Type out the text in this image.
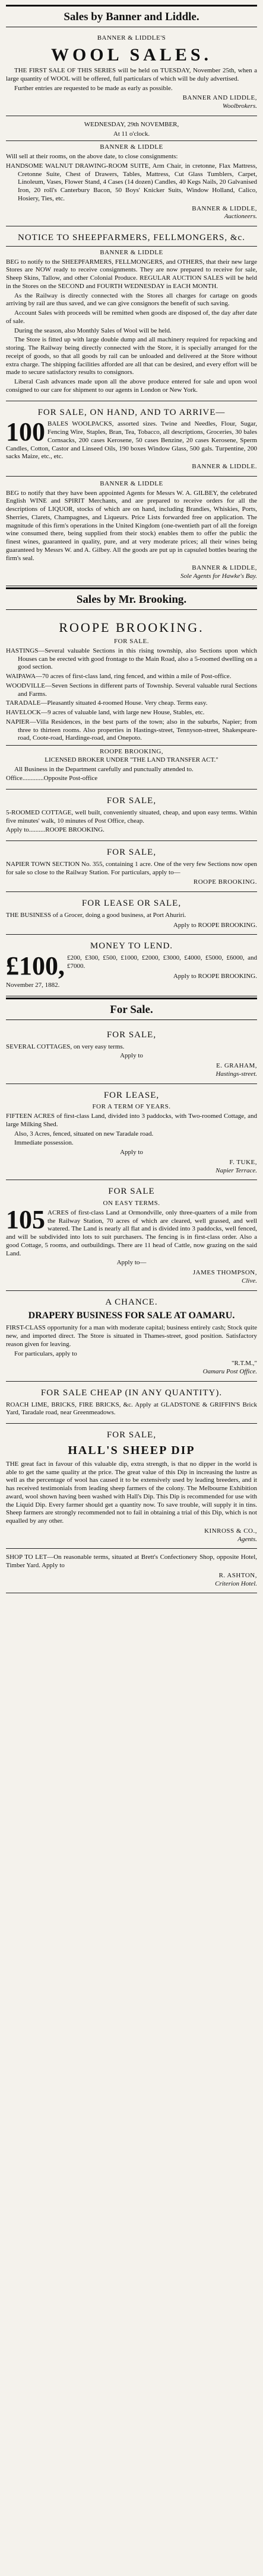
Sales by Banner and Liddle.
BANNER & LIDDLE'S
WOOL SALES.
THE FIRST SALE OF THIS SERIES will be held on TUESDAY, November 25th, when a large quantity of WOOL will be offered, full particulars of which will be duly advertised.
Further entries are requested to be made as early as possible.
BANNER AND LIDDLE,
Woolbrokers.
WEDNESDAY, 29th NOVEMBER,
At 11 o'clock.
BANNER & LIDDLE
Will sell at their rooms, on the above date, to close consignments:
HANDSOME WALNUT DRAWING-ROOM SUITE, Arm Chair, in cretonne, Flax Mattress, Cretonne Suite, Chest of Drawers, Tables, Mattress, Cut Glass Tumblers, Carpet, Linoleum, Vases, Flower Stand, 4 Cases (14 dozen) Candles, 40 Kegs Nails, 20 Galvanised Iron, 20 roll's Canterbury Bacon, 50 Boys' Knicker Suits, Window Holland, Calico, Hosiery, Ties, etc.
BANNER & LIDDLE,
Auctioneers.
NOTICE TO SHEEPFARMERS, FELLMONGERS, &c.
BANNER & LIDDLE
BEG to notify to the SHEEPFARMERS, FELLMONGERS, and OTHERS, that their new large Stores are NOW ready to receive consignments. They are now prepared to receive for sale, Sheep Skins, Tallow, and other Colonial Produce. REGULAR AUCTION SALES will be held in the Stores on the SECOND and FOURTH WEDNESDAY in EACH MONTH.
As the Railway is directly connected with the Stores all charges for cartage on goods arriving by rail are thus saved, and we can give consignors the benefit of such saving.
Account Sales with proceeds will be remitted when goods are disposed of, the day after date of sale.
During the season, also Monthly Sales of Wool will be held.
The Store is fitted up with large double dump and all machinery required for repacking and storing. The Railway being directly connected with the Store, it is specially arranged for the receipt of goods, so that all goods by rail can be unloaded and delivered at the Store without extra charge. The shipping facilities afforded are all that can be desired, and every effort will be made to secure satisfactory results to consignors.
Liberal Cash advances made upon all the above produce entered for sale and upon wool consigned to our care for shipment to our agents in London or New York.
FOR SALE, ON HAND, AND TO ARRIVE—
100 BALES WOOLPACKS, assorted sizes. Twine and Needles, Flour, Sugar, Fencing Wire, Staples, Bran, Tea, Tobacco, all descriptions, Groceries, 30 bales Cornsacks, 200 cases Kerosene, 50 cases Benzine, 20 cases Kerosene, Sperm Candles, Cotton, Castor and Linseed Oils, 190 boxes Window Glass, 500 gals. Turpentine, 200 sacks Maize, etc., etc.
BANNER & LIDDLE.
BANNER & LIDDLE
BEG to notify that they have been appointed Agents for Messrs W. A. GILBEY, the celebrated English WINE and SPIRIT Merchants, and are prepared to receive orders for all the descriptions of LIQUOR, stocks of which are on hand, including Brandies, Whiskies, Ports, Sherries, Clarets, Champagnes, and Liqueurs. Price Lists forwarded free on application. The magnitude of this firm's operations in the United Kingdom (one-twentieth part of all the foreign wine consumed there, being supplied from their stock) enables them to offer the public the finest wines, guaranteed in quality, pure, and at very moderate prices; all their wines being guaranteed by Messrs W. and A. Gilbey. All the goods are put up in capsuled bottles bearing the firm's seal.
BANNER & LIDDLE,
Sole Agents for Hawke's Bay.
Sales by Mr. Brooking.
ROOPE BROOKING.
FOR SALE.
HASTINGS—Several valuable Sections in this rising township, also Sections upon which Houses can be erected with good frontage to the Main Road, also a 5-roomed dwelling on a good section.
WAIPAWA—70 acres of first-class land, ring fenced, and within a mile of Post-office.
WOODVILLE—Seven Sections in different parts of Township. Several valuable rural Sections and Farms.
TARADALE—Pleasantly situated 4-roomed House. Very cheap. Terms easy.
HAVELOCK—9 acres of valuable land, with large new House, Stables, etc.
NAPIER—Villa Residences, in the best parts of the town; also in the suburbs, Napier; from three to thirteen rooms. Also properties in Hastings-street, Tennyson-street, Shakespeare-road, Coote-road, Hardinge-road, and Onepoto.
ROOPE BROOKING,
LICENSED BROKER UNDER "THE LAND TRANSFER ACT."
All Business in the Department carefully and punctually attended to.
Office.............Opposite Post-office
FOR SALE,
5-ROOMED COTTAGE, well built, conveniently situated, cheap, and upon easy terms. Within five minutes' walk, 10 minutes of Post Office, cheap.
Apply to..........ROOPE BROOKING.
FOR SALE,
NAPIER TOWN SECTION No. 355, containing 1 acre. One of the very few Sections now open for sale so close to the Railway Station. For particulars, apply to—
ROOPE BROOKING.
FOR LEASE OR SALE,
THE BUSINESS of a Grocer, doing a good business, at Port Ahuriri.
Apply to ROOPE BROOKING.
MONEY TO LEND.
£100, £200, £300, £500, £1000, £2000, £3000, £4000, £5000, £6000, and £7000.
Apply to ROOPE BROOKING.
November 27, 1882.
For Sale.
FOR SALE,
SEVERAL COTTAGES, on very easy terms.
Apply to
E. GRAHAM,
Hastings-street.
FOR LEASE,
FOR A TERM OF YEARS.
FIFTEEN ACRES of first-class Land, divided into 3 paddocks, with Two-roomed Cottage, and large Milking Shed.
Also, 3 Acres, fenced, situated on new Taradale road.
Immediate possession.
Apply to
F. TUKE,
Napier Terrace.
FOR SALE
ON EASY TERMS.
105 ACRES of first-class Land at Ormondville, only three-quarters of a mile from the Railway Station, 70 acres of which are cleared, well grassed, and well watered. The Land is nearly all flat and is divided into 3 paddocks, well fenced, and will be subdivided into lots to suit purchasers. The fencing is in first-class order. Also a good Cottage, 5 rooms, and outbuildings. There are 11 head of Cattle, now grazing on the said Land.
Apply to—
JAMES THOMPSON,
Clive.
A CHANCE.
DRAPERY BUSINESS FOR SALE AT OAMARU.
FIRST-CLASS opportunity for a man with moderate capital; business entirely cash; Stock quite new, and imported direct. The Store is situated in Thames-street, good position. Satisfactory reason given for leaving.
For particulars, apply to
"R.T.M.,"
Oamaru Post Office.
FOR SALE CHEAP (IN ANY QUANTITY).
ROACH LIME, BRICKS, FIRE BRICKS, &c. Apply at GLADSTONE & GRIFFIN'S Brick Yard, Taradale road, near Greenmeadows.
FOR SALE,
HALL'S SHEEP DIP
THE great fact in favour of this valuable dip, extra strength, is that no dipper in the world is able to get the same quality at the price. The great value of this Dip in increasing the lustre as well as the percentage of wool has caused it to be extensively used by leading breeders, and it has received testimonials from leading sheep farmers of the colony. The Melbourne Exhibition award, wool shown having been washed with Hall's Dip. This Dip is recommended for use with the Liquid Dip. Every farmer should get a quantity now. To save trouble, will supply it in tins. Sheep farmers are strongly recommended not to fail in obtaining a trial of this Dip, which is not equalled by any other.
KINROSS & CO.,
Agents.
SHOP TO LET—On reasonable terms, situated at Brett's Confectionery Shop, opposite Hotel, Timber Yard. Apply to
R. ASHTON,
Criterion Hotel.
